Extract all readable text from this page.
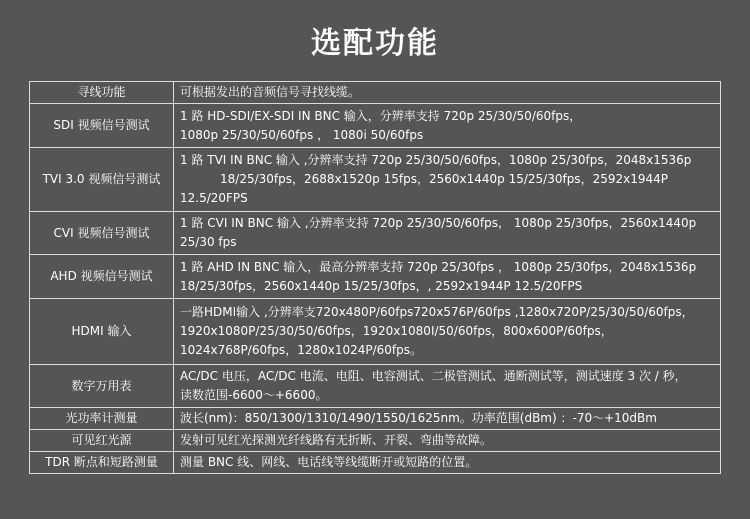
选配功能
寻线功能	可根据发出的音频信号寻找线缆。

SDI 视频信号测试	1 路 HD-SDI/EX-SDI IN BNC 输入，分辨率支持 720p 25/30/50/60fps，
1080p 25/30/50/60fps ， 1080i 50/60fps

TVI 3.0 视频信号测试	1 路 TVI IN BNC 输入 ,分辨率支持 720p 25/30/50/60fps，1080p 25/30fps，2048x1536p
18/25/30fps，2688x1520p 15fps，2560x1440p 15/25/30fps，2592x1944P
12.5/20FPS

CVI 视频信号测试	1 路 CVI IN BNC 输入 ,分辨率支持 720p 25/30/50/60fps， 1080p 25/30fps，2560x1440p
25/30 fps

AHD 视频信号测试	1 路 AHD IN BNC 输入，最高分辨率支持 720p 25/30fps ， 1080p 25/30fps，2048x1536p
18/25/30fps，2560x1440p 15/25/30fps，, 2592x1944P 12.5/20FPS

HDMI 输入	一路HDMI输入 ,分辨率支720x480P/60fps720x576P/60fps ,1280x720P/25/30/50/60fps，
1920x1080P/25/30/50/60fps，1920x1080I/50/60fps，800x600P/60fps，
1024x768P/60fps，1280x1024P/60fps。

数字万用表	AC/DC 电压，AC/DC 电流、电阻、电容测试、二极管测试、通断测试等，测试速度 3 次 / 秒，
读数范围-6600～+6600。

光功率计测量	波长(nm)：850/1300/1310/1490/1550/1625nm。功率范围(dBm) ：-70～+10dBm

可见红光源	发射可见红光探测光纤线路有无折断、开裂、弯曲等故障。

TDR 断点和短路测量	测量 BNC 线、网线、电话线等线缆断开或短路的位置。
